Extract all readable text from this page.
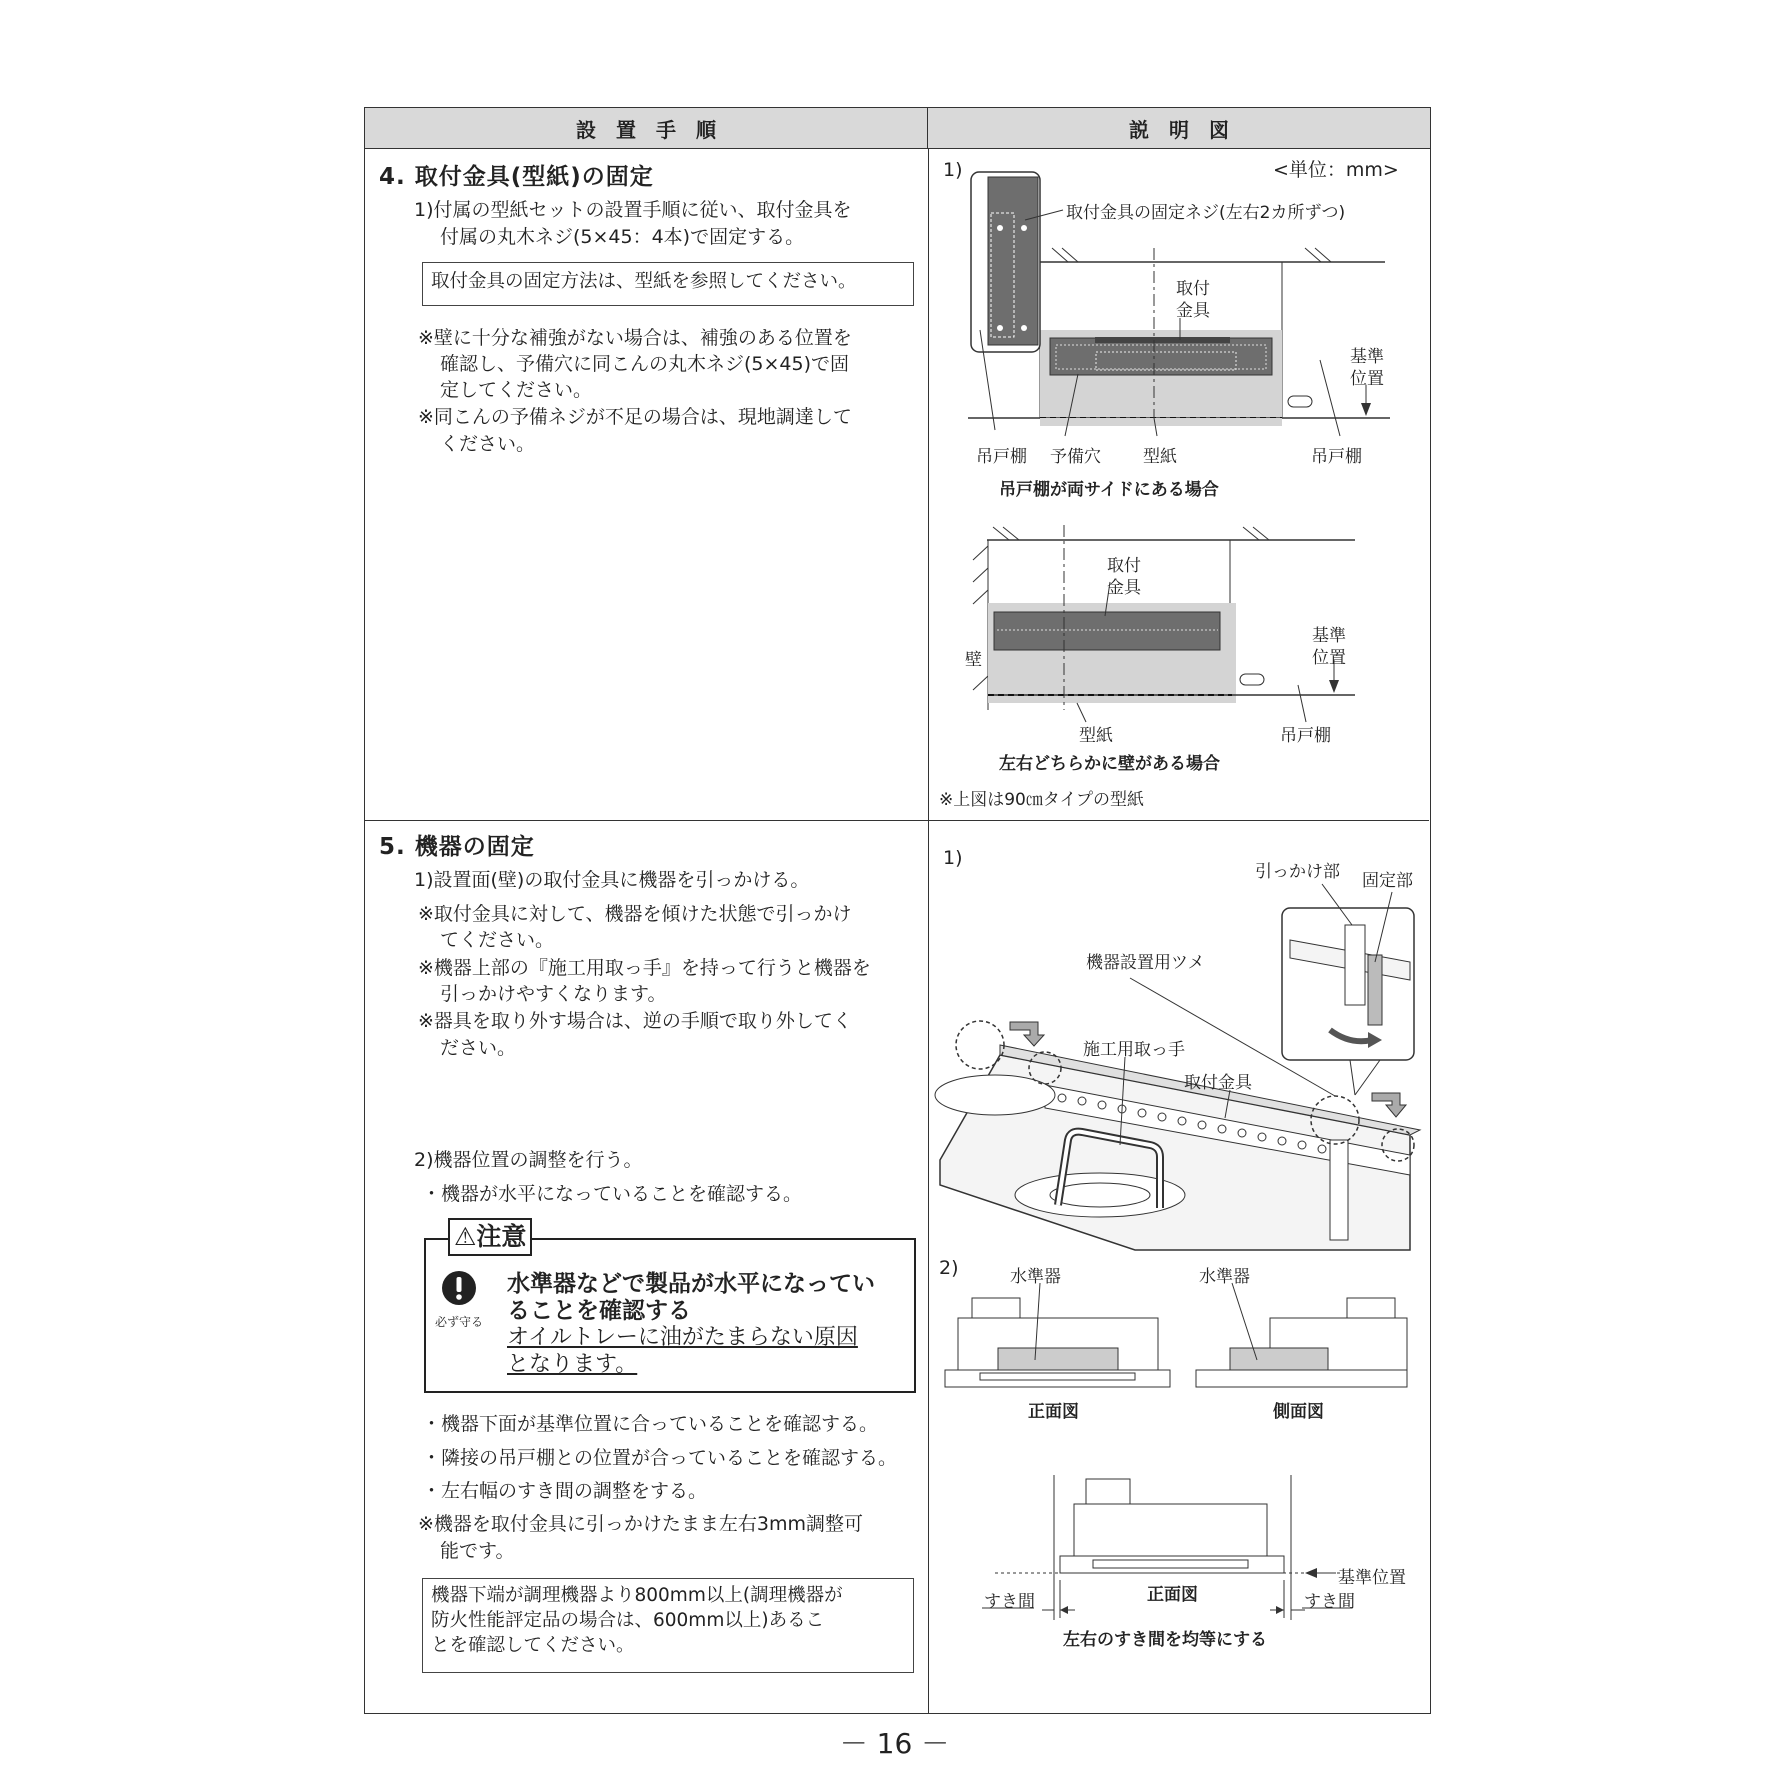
設　置　手　順	説　明　図
4. 取付金具(型紙)の固定
1)付属の型紙セットの設置手順に従い、取付金具を
付属の丸木ネジ(5×45：4本)で固定する。
取付金具の固定方法は、型紙を参照してください。
※壁に十分な補強がない場合は、補強のある位置を
確認し、予備穴に同こんの丸木ネジ(5×45)で固
定してください。
※同こんの予備ネジが不足の場合は、現地調達して
ください。
1)	<単位：mm>
取付金具の固定ネジ(左右2カ所ずつ)
取付
金具
基準
位置
吊戸棚 予備穴 型紙	吊戸棚
吊戸棚が両サイドにある場合
取付
金具
基準
位置
壁
型紙	吊戸棚
左右どちらかに壁がある場合
※上図は90㎝タイプの型紙
5. 機器の固定
1)設置面(壁)の取付金具に機器を引っかける。
※取付金具に対して、機器を傾けた状態で引っかけ
てください。
※機器上部の『施工用取っ手』を持って行うと機器を
引っかけやすくなります。
※器具を取り外す場合は、逆の手順で取り外してく
ださい。
2)機器位置の調整を行う。
・機器が水平になっていることを確認する。
⚠注意
必ず守る
水準器などで製品が水平になってい
ることを確認する
オイルトレーに油がたまらない原因
となります。
・機器下面が基準位置に合っていることを確認する。
・隣接の吊戸棚との位置が合っていることを確認する。
・左右幅のすき間の調整をする。
※機器を取付金具に引っかけたまま左右3mm調整可
能です。
機器下端が調理機器より800mm以上(調理機器が
防火性能評定品の場合は、600mm以上)あるこ
とを確認してください。
1)
引っかけ部 固定部
機器設置用ツメ
施工用取っ手
取付金具
2)	水準器	水準器
正面図	側面図
基準位置
正面図
すき間	すき間
左右のすき間を均等にする
－ 16 －
